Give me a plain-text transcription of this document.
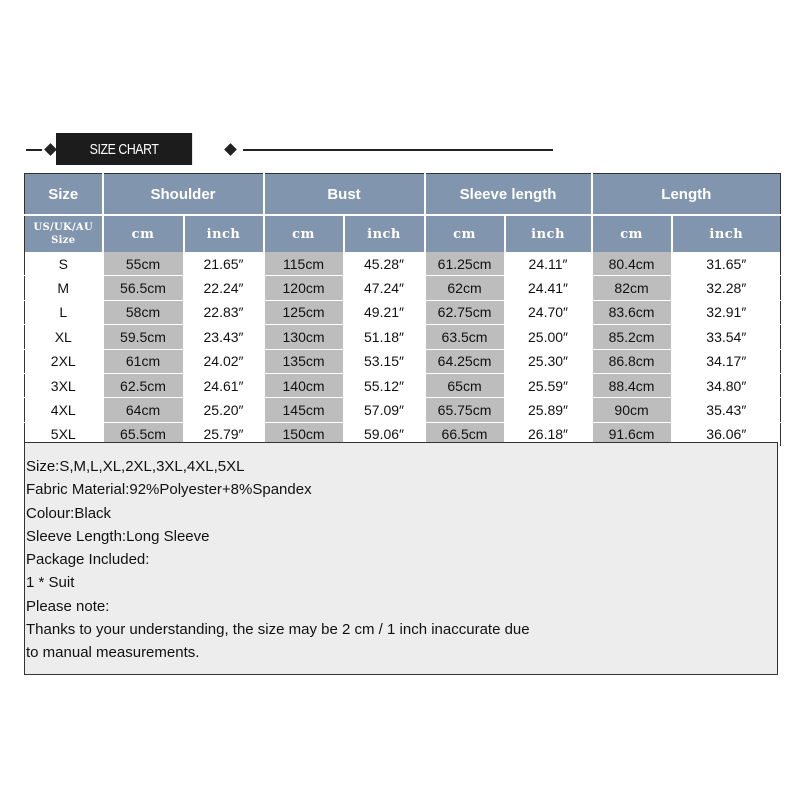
SIZE CHART
Size	Shoulder		Bust		Sleeve length		Length	
US/UK/AU Size	cm	inch	cm	inch	cm	inch	cm	inch
S	55cm	21.65″	115cm	45.28″	61.25cm	24.11″	80.4cm	31.65″
M	56.5cm	22.24″	120cm	47.24″	62cm	24.41″	82cm	32.28″
L	58cm	22.83″	125cm	49.21″	62.75cm	24.70″	83.6cm	32.91″
XL	59.5cm	23.43″	130cm	51.18″	63.5cm	25.00″	85.2cm	33.54″
2XL	61cm	24.02″	135cm	53.15″	64.25cm	25.30″	86.8cm	34.17″
3XL	62.5cm	24.61″	140cm	55.12″	65cm	25.59″	88.4cm	34.80″
4XL	64cm	25.20″	145cm	57.09″	65.75cm	25.89″	90cm	35.43″
5XL	65.5cm	25.79″	150cm	59.06″	66.5cm	26.18″	91.6cm	36.06″
Size:S,M,L,XL,2XL,3XL,4XL,5XL
Fabric Material:92%Polyester+8%Spandex
Colour:Black
Sleeve Length:Long Sleeve
Package Included:
1 * Suit
Please note:
Thanks to your understanding, the size may be 2 cm / 1 inch inaccurate due
to manual measurements.
